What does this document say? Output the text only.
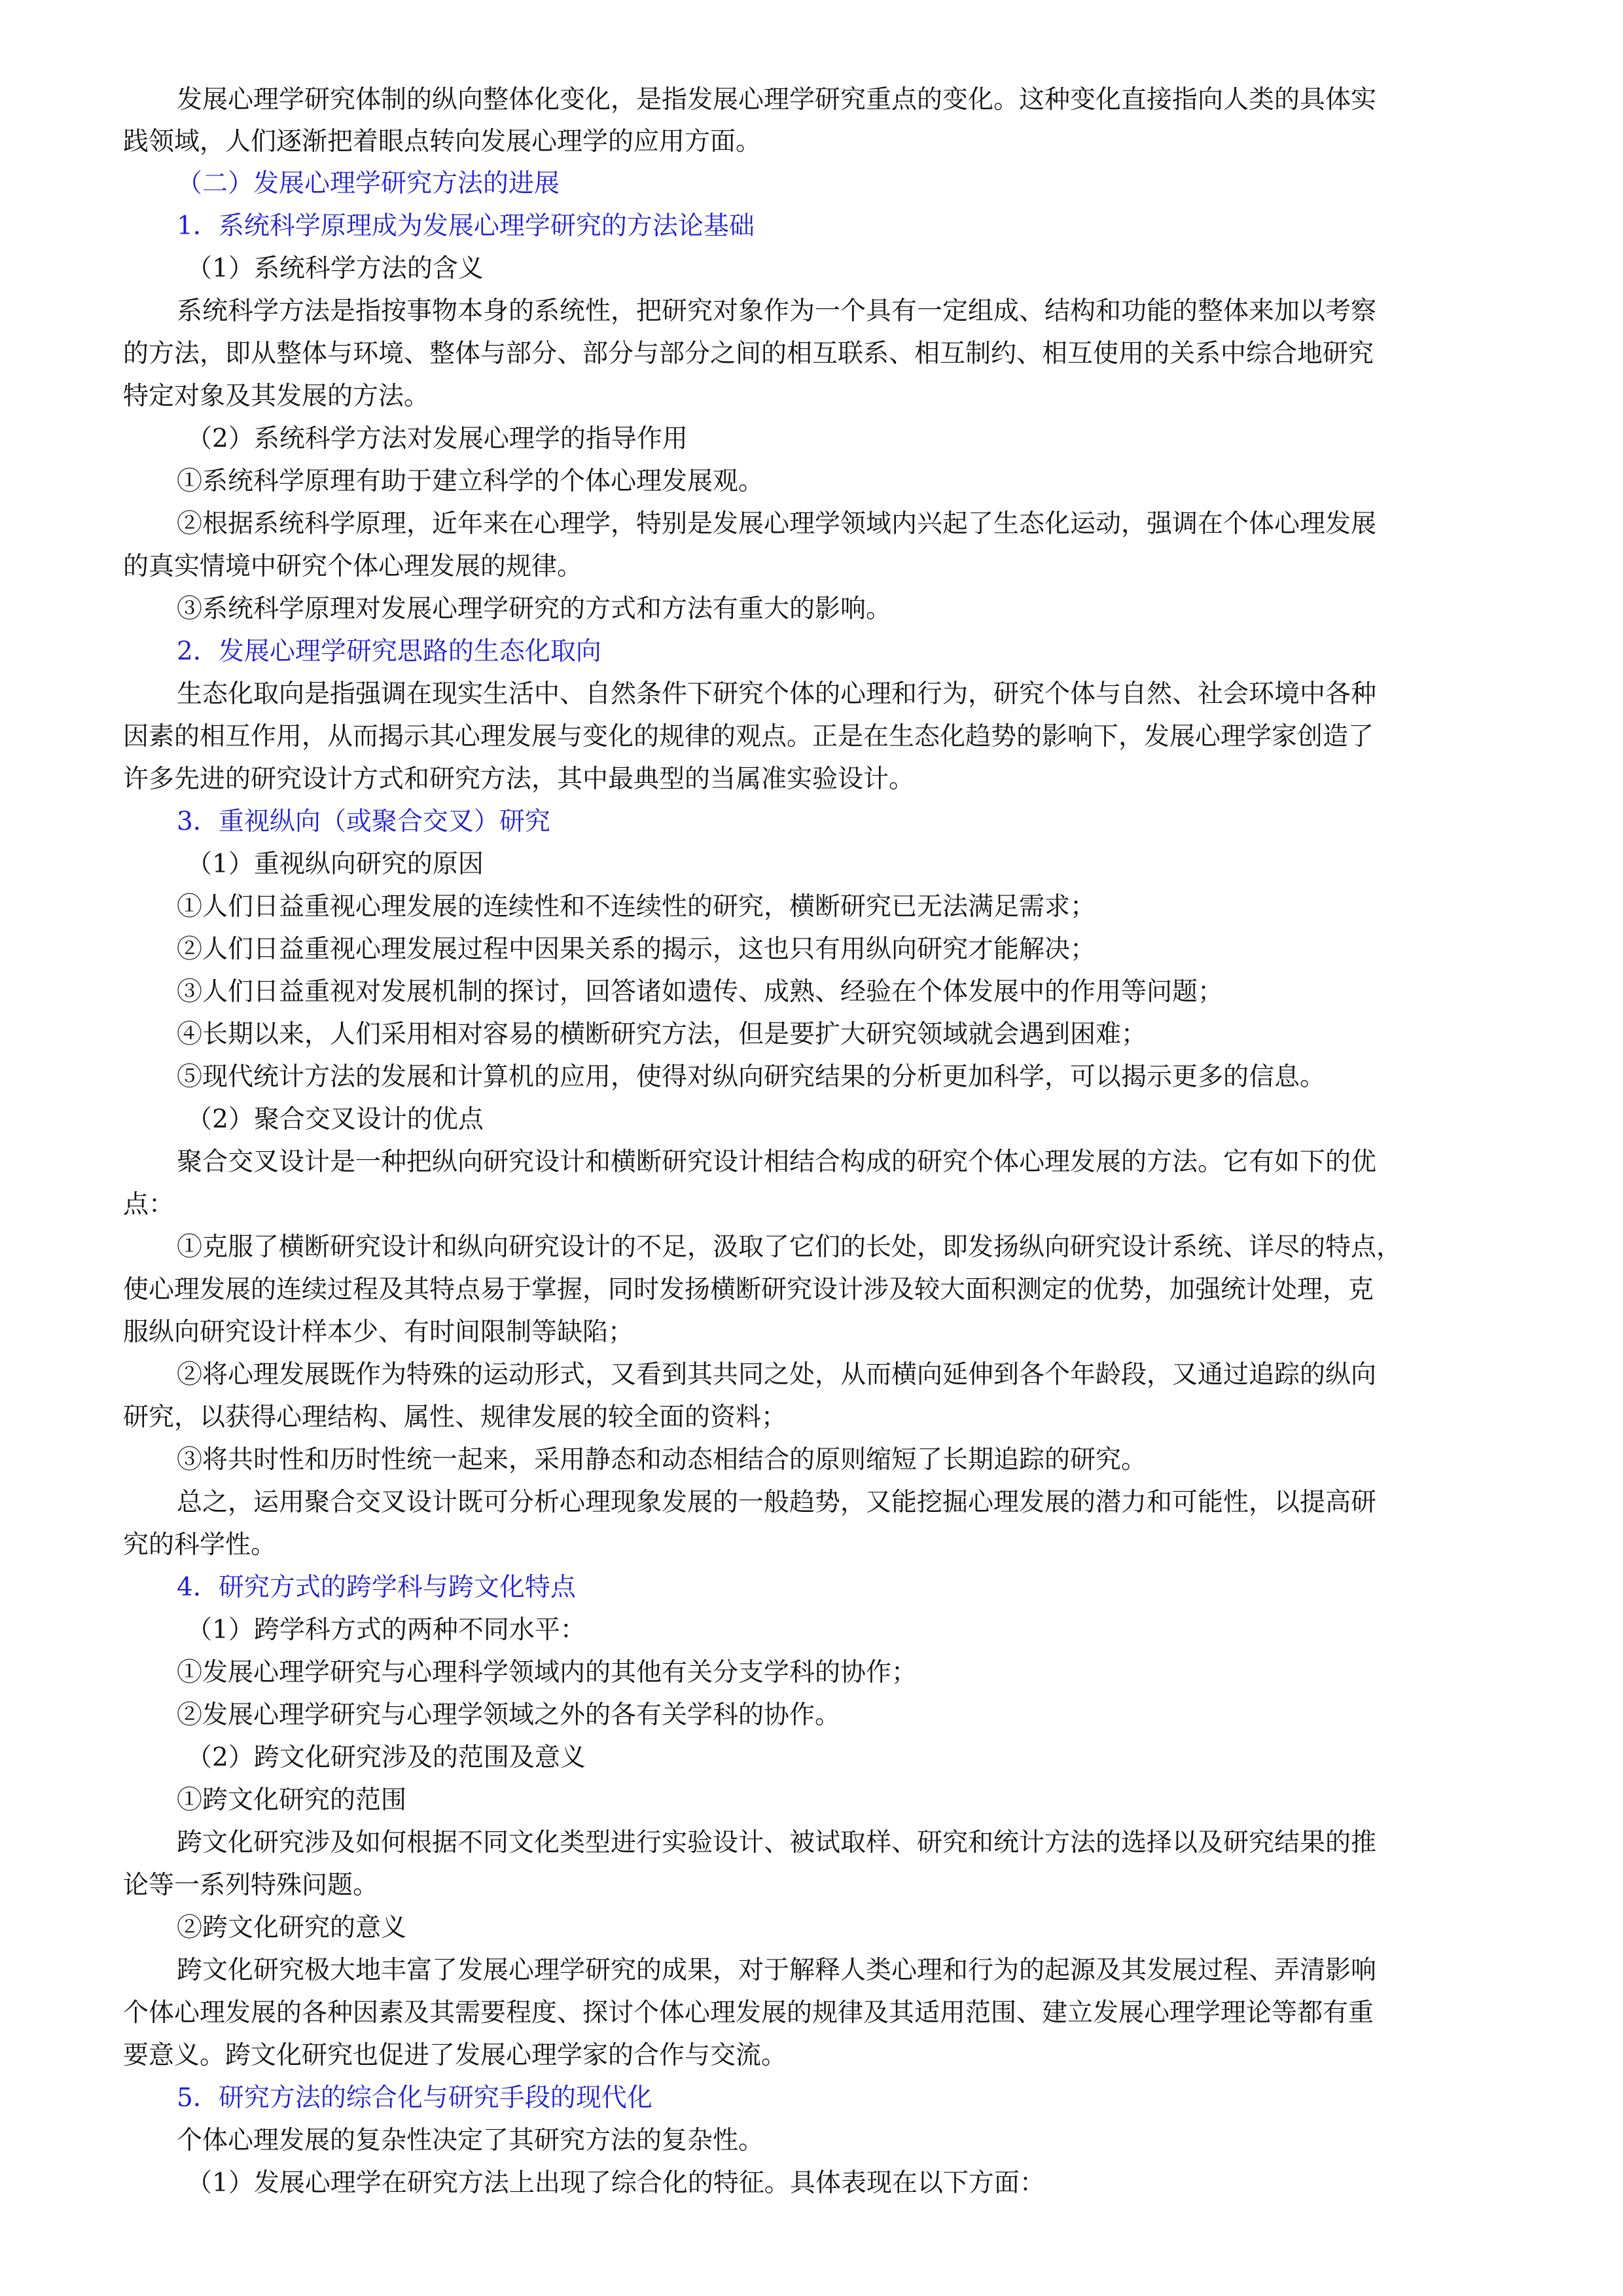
发展心理学研究体制的纵向整体化变化，是指发展心理学研究重点的变化。这种变化直接指向人类的具体实
践领域，人们逐渐把着眼点转向发展心理学的应用方面。
（二）发展心理学研究方法的进展
1．系统科学原理成为发展心理学研究的方法论基础
（1）系统科学方法的含义
系统科学方法是指按事物本身的系统性，把研究对象作为一个具有一定组成、结构和功能的整体来加以考察
的方法，即从整体与环境、整体与部分、部分与部分之间的相互联系、相互制约、相互使用的关系中综合地研究
特定对象及其发展的方法。
（2）系统科学方法对发展心理学的指导作用
①系统科学原理有助于建立科学的个体心理发展观。
②根据系统科学原理，近年来在心理学，特别是发展心理学领域内兴起了生态化运动，强调在个体心理发展
的真实情境中研究个体心理发展的规律。
③系统科学原理对发展心理学研究的方式和方法有重大的影响。
2．发展心理学研究思路的生态化取向
生态化取向是指强调在现实生活中、自然条件下研究个体的心理和行为，研究个体与自然、社会环境中各种
因素的相互作用，从而揭示其心理发展与变化的规律的观点。正是在生态化趋势的影响下，发展心理学家创造了
许多先进的研究设计方式和研究方法，其中最典型的当属准实验设计。
3．重视纵向（或聚合交叉）研究
（1）重视纵向研究的原因
①人们日益重视心理发展的连续性和不连续性的研究，横断研究已无法满足需求；
②人们日益重视心理发展过程中因果关系的揭示，这也只有用纵向研究才能解决；
③人们日益重视对发展机制的探讨，回答诸如遗传、成熟、经验在个体发展中的作用等问题；
④长期以来，人们采用相对容易的横断研究方法，但是要扩大研究领域就会遇到困难；
⑤现代统计方法的发展和计算机的应用，使得对纵向研究结果的分析更加科学，可以揭示更多的信息。
（2）聚合交叉设计的优点
聚合交叉设计是一种把纵向研究设计和横断研究设计相结合构成的研究个体心理发展的方法。它有如下的优
点：
①克服了横断研究设计和纵向研究设计的不足，汲取了它们的长处，即发扬纵向研究设计系统、详尽的特点，
使心理发展的连续过程及其特点易于掌握，同时发扬横断研究设计涉及较大面积测定的优势，加强统计处理，克
服纵向研究设计样本少、有时间限制等缺陷；
②将心理发展既作为特殊的运动形式，又看到其共同之处，从而横向延伸到各个年龄段，又通过追踪的纵向
研究，以获得心理结构、属性、规律发展的较全面的资料；
③将共时性和历时性统一起来，采用静态和动态相结合的原则缩短了长期追踪的研究。
总之，运用聚合交叉设计既可分析心理现象发展的一般趋势，又能挖掘心理发展的潜力和可能性，以提高研
究的科学性。
4．研究方式的跨学科与跨文化特点
（1）跨学科方式的两种不同水平：
①发展心理学研究与心理科学领域内的其他有关分支学科的协作；
②发展心理学研究与心理学领域之外的各有关学科的协作。
（2）跨文化研究涉及的范围及意义
①跨文化研究的范围
跨文化研究涉及如何根据不同文化类型进行实验设计、被试取样、研究和统计方法的选择以及研究结果的推
论等一系列特殊问题。
②跨文化研究的意义
跨文化研究极大地丰富了发展心理学研究的成果，对于解释人类心理和行为的起源及其发展过程、弄清影响
个体心理发展的各种因素及其需要程度、探讨个体心理发展的规律及其适用范围、建立发展心理学理论等都有重
要意义。跨文化研究也促进了发展心理学家的合作与交流。
5．研究方法的综合化与研究手段的现代化
个体心理发展的复杂性决定了其研究方法的复杂性。
（1）发展心理学在研究方法上出现了综合化的特征。具体表现在以下方面：
